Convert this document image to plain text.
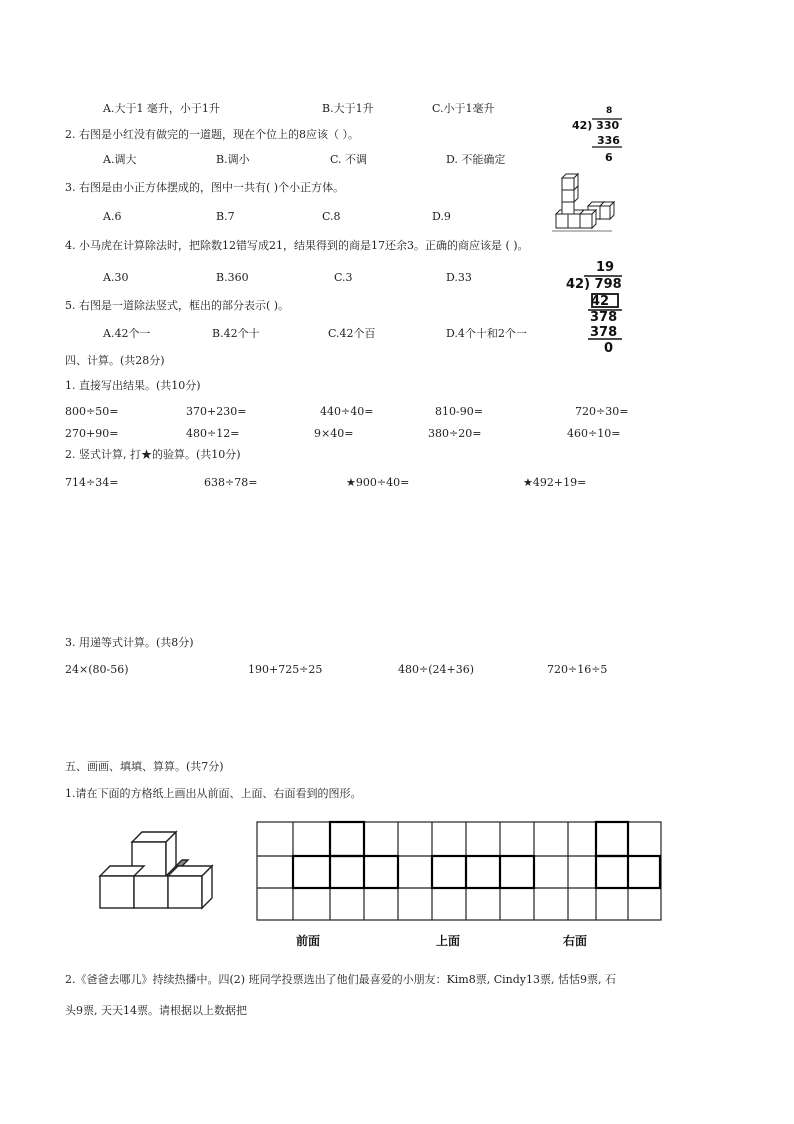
A.大于1 毫升，小于1升	B.大于1升	C.小于1毫升
2. 右图是小红没有做完的一道题，现在个位上的8应该（ ）。
A.调大	B.调小	C. 不调	D. 不能确定
8
42) 330
336
6
3. 右图是由小正方体摆成的，图中一共有( )个小正方体。
A.6	B.7	C.8	D.9
4. 小马虎在计算除法时，把除数12错写成21，结果得到的商是17还余3。正确的商应该是 ( )。
A.30	B.360	C.3	D.33
5. 右图是一道除法竖式，框出的部分表示( )。
A.42个一	B.42个十	C.42个百	D.4个十和2个一
19
42) 798
42
378
378
0
四、计算。(共28分)
1. 直接写出结果。(共10分)
800÷50=	370+230=	440÷40=	810-90=	720÷30=
270+90=	480÷12=	9×40=	380÷20=	460÷10=
2. 竖式计算, 打★的验算。(共10分)
714÷34=	638÷78=	★900÷40=	★492+19=
3. 用递等式计算。(共8分)
24×(80-56)	190+725÷25	480÷(24+36)	720÷16÷5
五、画画、填填、算算。(共7分)
1.请在下面的方格纸上画出从前面、上面、右面看到的图形。
前面	上面	右面
2.《爸爸去哪儿》持续热播中。四(2) 班同学投票选出了他们最喜爱的小朋友：Kim8票, Cindy13票, 恬恬9票, 石
头9票, 天天14票。请根据以上数据把
